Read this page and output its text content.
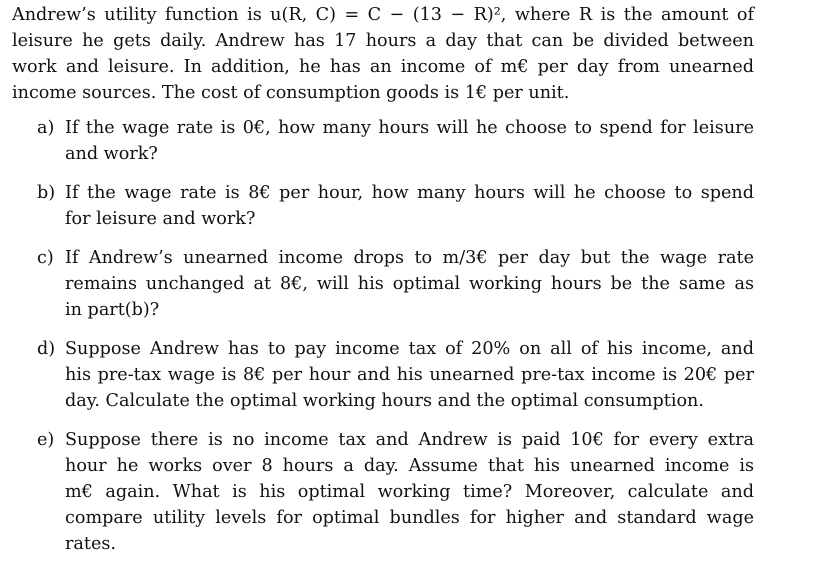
Andrew’s utility function is u(R, C) = C − (13 − R)², where R is the amount of
leisure he gets daily. Andrew has 17 hours a day that can be divided between
work and leisure. In addition, he has an income of m€ per day from unearned
income sources. The cost of consumption goods is 1€ per unit.

a) If the wage rate is 0€, how many hours will he choose to spend for leisure
and work?
b) If the wage rate is 8€ per hour, how many hours will he choose to spend
for leisure and work?
c) If Andrew’s unearned income drops to m/3€ per day but the wage rate
remains unchanged at 8€, will his optimal working hours be the same as
in part(b)?
d) Suppose Andrew has to pay income tax of 20% on all of his income, and
his pre-tax wage is 8€ per hour and his unearned pre-tax income is 20€ per
day. Calculate the optimal working hours and the optimal consumption.
e) Suppose there is no income tax and Andrew is paid 10€ for every extra
hour he works over 8 hours a day. Assume that his unearned income is
m€ again. What is his optimal working time? Moreover, calculate and
compare utility levels for optimal bundles for higher and standard wage
rates.
